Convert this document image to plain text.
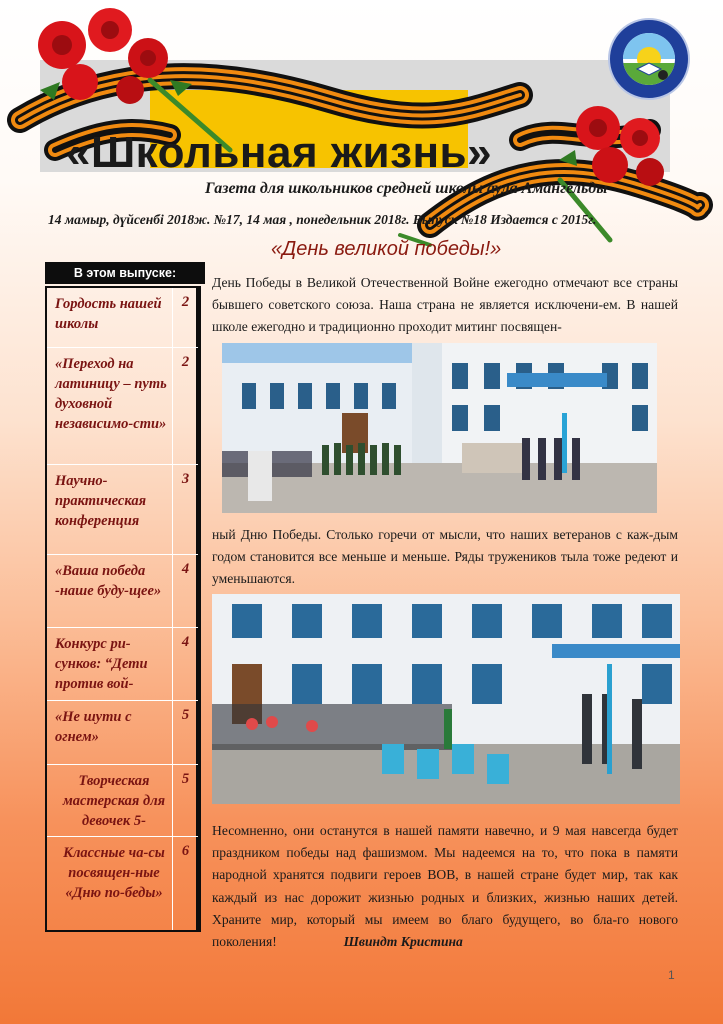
«Школьная жизнь»
Газета для школьников средней школы аула Амангельды
14 мамыр, дүйсенбі 2018ж. №17, 14 мая , понедельник 2018г. Выпуск №18 Издается с 2015г.
В этом выпуске:
Гордость нашей школы
2
«Переход на латиницу – путь духовной независимо-сти»
2
Научно-практическая конференция
3
«Ваша победа -наше буду-щее»
4
Конкурс ри-сунков: “Дети против вой-
4
«Не шути с огнем»
5
Творческая мастерская для девочек 5-
5
Классные ча-сы посвящен-ные «Дню по-беды»
6
«День великой победы!»
День Победы в Великой Отечественной Войне ежегодно отмечают все страны бывшего советского союза. Наша страна не является исключени-ем. В нашей школе ежегодно и традиционно проходит митинг посвящен-
ный Дню Победы. Столько горечи от мысли, что наших ветеранов с каж-дым годом становится все меньше и меньше. Ряды тружеников тыла тоже редеют и уменьшаются.
Несомненно, они останутся в нашей памяти навечно, и 9 мая навсегда будет праздником победы над фашизмом. Мы надеемся на то, что пока в памяти народной хранятся подвиги героев ВОВ, в нашей стране будет мир, так как каждый из нас дорожит жизнью родных и близких, жизнью наших детей. Храните мир, который мы имеем во благо будущего, во бла-го нового поколения!	Швиндт Кристина
1
